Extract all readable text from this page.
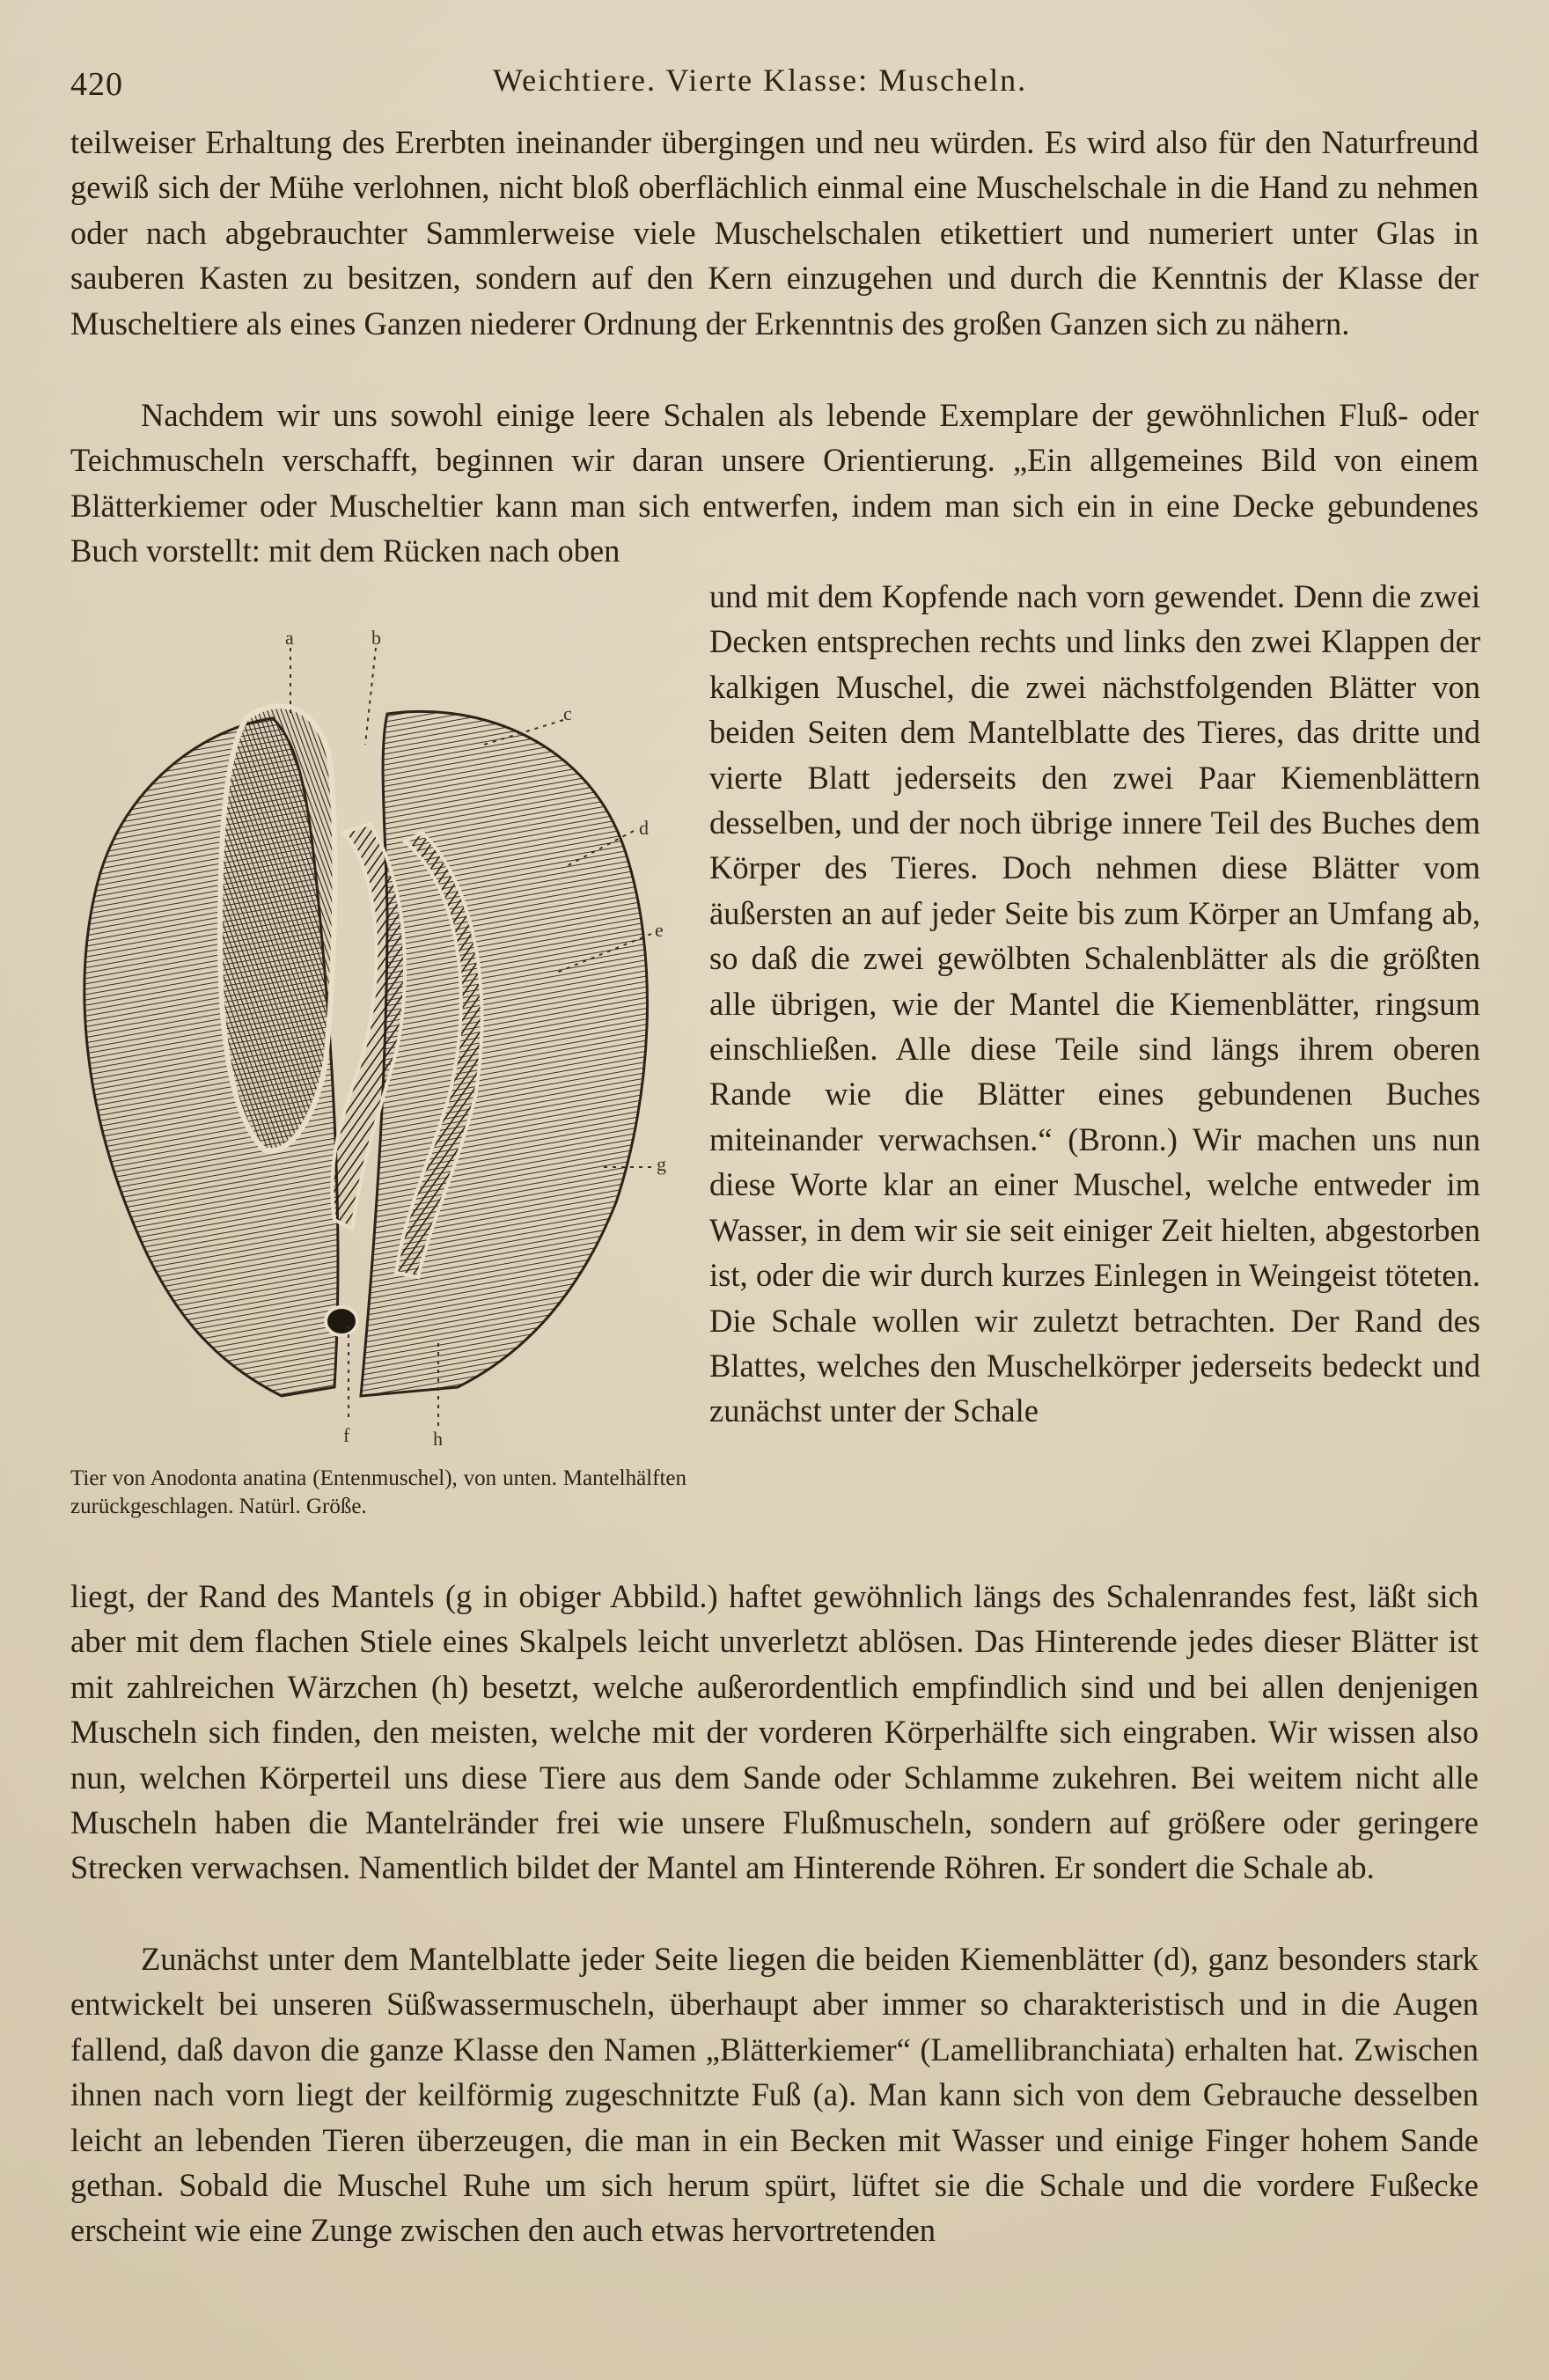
420	Weichtiere. Vierte Klasse: Muscheln.

teilweiser Erhaltung des Ererbten ineinander übergingen und neu würden. Es wird also für den Naturfreund gewiß sich der Mühe verlohnen, nicht bloß oberflächlich einmal eine Muschelschale in die Hand zu nehmen oder nach abgebrauchter Sammlerweise viele Muschelschalen etikettiert und numeriert unter Glas in sauberen Kasten zu besitzen, sondern auf den Kern einzugehen und durch die Kenntnis der Klasse der Muscheltiere als eines Ganzen niederer Ordnung der Erkenntnis des großen Ganzen sich zu nähern.

Nachdem wir uns sowohl einige leere Schalen als lebende Exemplare der gewöhnlichen Fluß- oder Teichmuscheln verschafft, beginnen wir daran unsere Orientierung. „Ein allgemeines Bild von einem Blätterkiemer oder Muscheltier kann man sich entwerfen, indem man sich ein in eine Decke gebundenes Buch vorstellt: mit dem Rücken nach oben

a	b
c
d
e
g
f	h
Tier von Anodonta anatina (Entenmuschel), von unten. Mantelhälften zurückgeschlagen. Natürl. Größe.

und mit dem Kopfende nach vorn gewendet. Denn die zwei Decken entsprechen rechts und links den zwei Klappen der kalkigen Muschel, die zwei nächstfolgenden Blätter von beiden Seiten dem Mantelblatte des Tieres, das dritte und vierte Blatt jederseits den zwei Paar Kiemenblättern desselben, und der noch übrige innere Teil des Buches dem Körper des Tieres. Doch nehmen diese Blätter vom äußersten an auf jeder Seite bis zum Körper an Umfang ab, so daß die zwei gewölbten Schalenblätter als die größten alle übrigen, wie der Mantel die Kiemenblätter, ringsum einschließen. Alle diese Teile sind längs ihrem oberen Rande wie die Blätter eines gebundenen Buches miteinander verwachsen.“ (Bronn.) Wir machen uns nun diese Worte klar an einer Muschel, welche entweder im Wasser, in dem wir sie seit einiger Zeit hielten, abgestorben ist, oder die wir durch kurzes Einlegen in Weingeist töteten. Die Schale wollen wir zuletzt betrachten. Der Rand des Blattes, welches den Muschelkörper jederseits bedeckt und zunächst unter der Schale

liegt, der Rand des Mantels (g in obiger Abbild.) haftet gewöhnlich längs des Schalenrandes fest, läßt sich aber mit dem flachen Stiele eines Skalpels leicht unverletzt ablösen. Das Hinterende jedes dieser Blätter ist mit zahlreichen Wärzchen (h) besetzt, welche außerordentlich empfindlich sind und bei allen denjenigen Muscheln sich finden, den meisten, welche mit der vorderen Körperhälfte sich eingraben. Wir wissen also nun, welchen Körperteil uns diese Tiere aus dem Sande oder Schlamme zukehren. Bei weitem nicht alle Muscheln haben die Mantelränder frei wie unsere Flußmuscheln, sondern auf größere oder geringere Strecken verwachsen. Namentlich bildet der Mantel am Hinterende Röhren. Er sondert die Schale ab.

Zunächst unter dem Mantelblatte jeder Seite liegen die beiden Kiemenblätter (d), ganz besonders stark entwickelt bei unseren Süßwassermuscheln, überhaupt aber immer so charakteristisch und in die Augen fallend, daß davon die ganze Klasse den Namen „Blätterkiemer“ (Lamellibranchiata) erhalten hat. Zwischen ihnen nach vorn liegt der keilförmig zugeschnitzte Fuß (a). Man kann sich von dem Gebrauche desselben leicht an lebenden Tieren überzeugen, die man in ein Becken mit Wasser und einige Finger hohem Sande gethan. Sobald die Muschel Ruhe um sich herum spürt, lüftet sie die Schale und die vordere Fußecke erscheint wie eine Zunge zwischen den auch etwas hervortretenden
